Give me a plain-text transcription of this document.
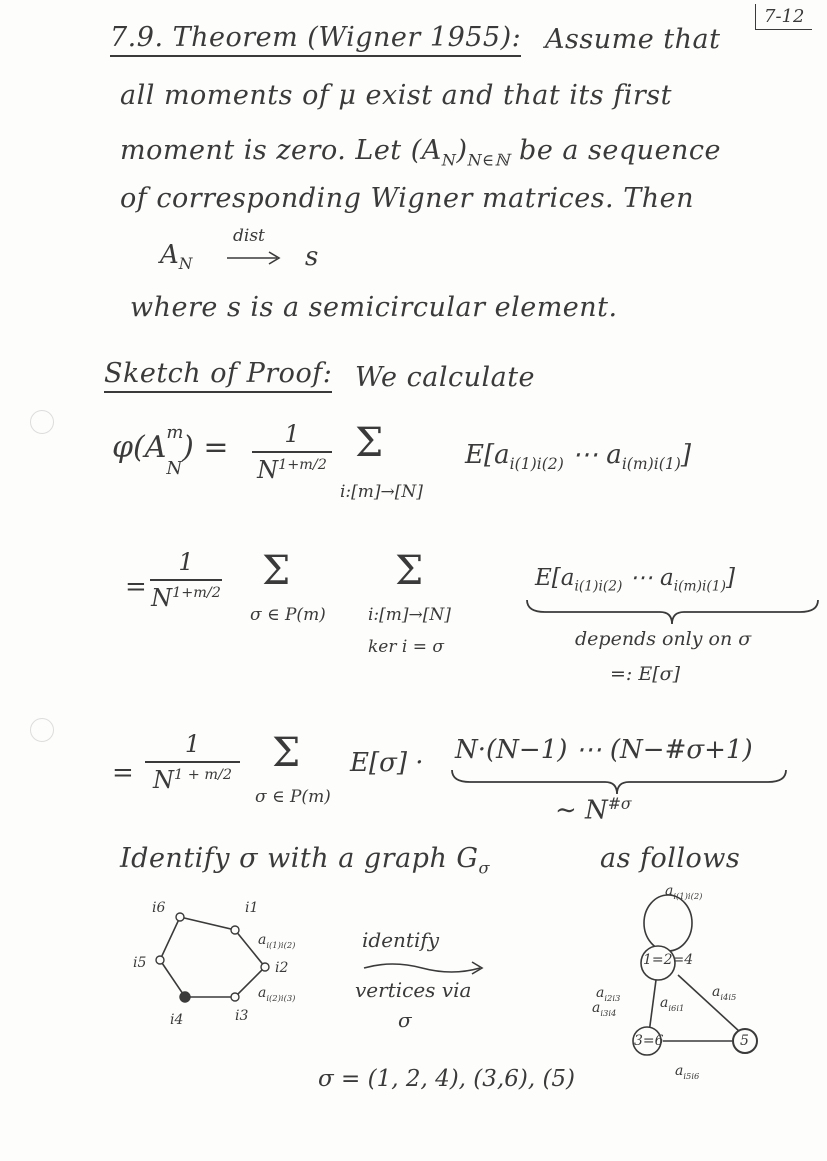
7-12
7.9. Theorem (Wigner 1955): Assume that
all moments of μ exist and that its first
moment is zero. Let $(A_N)_{N\in ℕ}$ be a sequence
of corresponding Wigner matrices. Then
$A_N$
dist
s
where s is a semicircular element.
Sketch of Proof: We calculate
φ(A m
$_N$) = 1
$N^{1+m/2}$ Σ
i:[m]→[N]
$E[a_{i(1)i(2)}$ ⋯ $a_{i(m)i(1)}$]
=
1
$N^{1+m/2}$ Σ
σ ∈ P(m)
Σ
i:[m]→[N]
ker i = σ
$E[a_{i(1)i(2)}$ ⋯ $a_{i(m)i(1)}$]
depends only on σ
=: E[σ]
=
1
$N^{1 + m/2}$ Σ
σ ∈ P(m)
E[σ] · N·(N−1) ⋯ (N−#σ+1)
∼ $N^{\#\sigma}$
Identify σ with a graph $G_\sigma$	as follows
i6	i1
i5	i2
i4	i3
$a_{i(1)i(2)}$
$a_{i(2)i(3)}$
identify
vertices via
σ
1=2=4
3=6	5
$a_{i(1)i(2)}$
$a_{i2i3}$
$a_{i3i4}$
$a_{i6i1}$
$a_{i4i5}$
$a_{i5i6}$
σ = (1, 2, 4), (3,6), (5)
